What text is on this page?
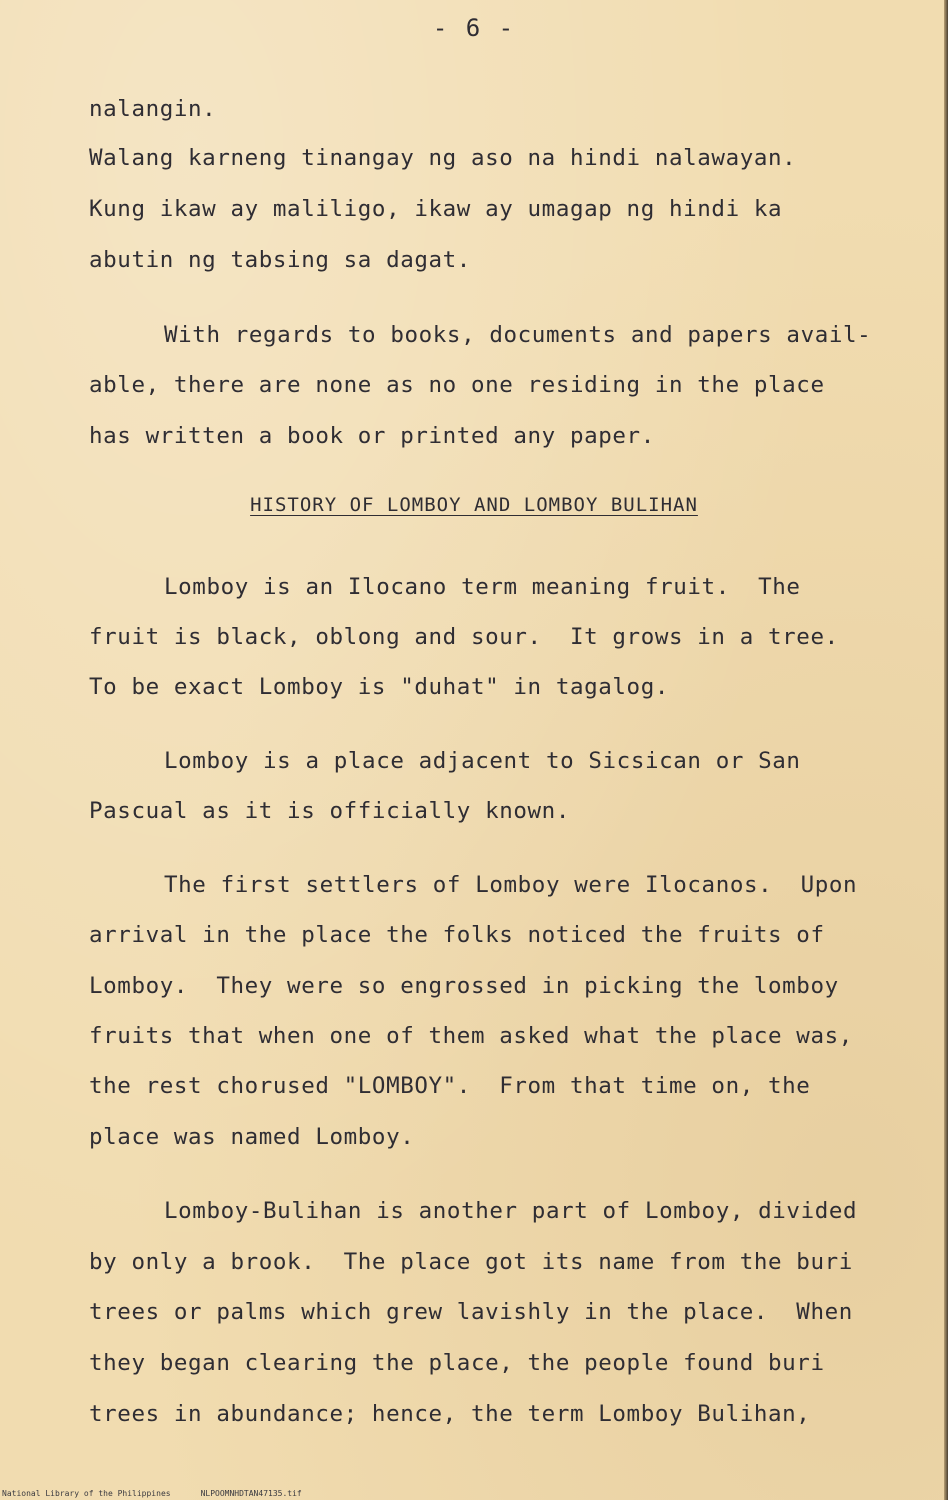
- 6 -
nalangin.
Walang karneng tinangay ng aso na hindi nalawayan.
Kung ikaw ay maliligo, ikaw ay umagap ng hindi ka
abutin ng tabsing sa dagat.
With regards to books, documents and papers avail-
able, there are none as no one residing in the place
has written a book or printed any paper.
HISTORY OF LOMBOY AND LOMBOY BULIHAN
Lomboy is an Ilocano term meaning fruit.  The
fruit is black, oblong and sour.  It grows in a tree.
To be exact Lomboy is "duhat" in tagalog.
Lomboy is a place adjacent to Sicsican or San
Pascual as it is officially known.
The first settlers of Lomboy were Ilocanos.  Upon
arrival in the place the folks noticed the fruits of
Lomboy.  They were so engrossed in picking the lomboy
fruits that when one of them asked what the place was,
the rest chorused "LOMBOY".  From that time on, the
place was named Lomboy.
Lomboy-Bulihan is another part of Lomboy, divided
by only a brook.  The place got its name from the buri
trees or palms which grew lavishly in the place.  When
they began clearing the place, the people found buri
trees in abundance; hence, the term Lomboy Bulihan,
National Library of the Philippines	NLPOOMNHDTAN47135.tif
